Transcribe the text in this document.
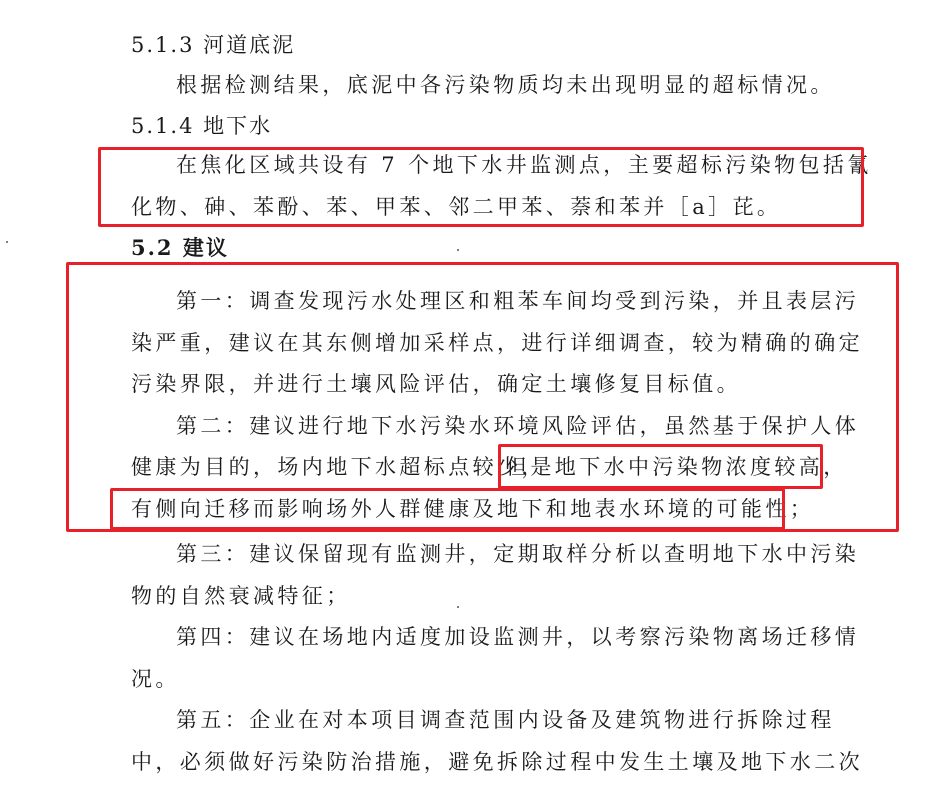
5.1.3 河道底泥
根据检测结果，底泥中各污染物质均未出现明显的超标情况。
5.1.4 地下水
在焦化区域共设有 7 个地下水井监测点，主要超标污染物包括氰
化物、砷、苯酚、苯、甲苯、邻二甲苯、萘和苯并［a］芘。
5.2 建议
第一：调查发现污水处理区和粗苯车间均受到污染，并且表层污
染严重，建议在其东侧增加采样点，进行详细调查，较为精确的确定
污染界限，并进行土壤风险评估，确定土壤修复目标值。
第二：建议进行地下水污染水环境风险评估，虽然基于保护人体
健康为目的，场内地下水超标点较少，
但是地下水中污染物浓度较高，
有侧向迁移而影响场外人群健康及地下和地表水环境的可能性；
第三：建议保留现有监测井，定期取样分析以查明地下水中污染
物的自然衰减特征；
第四：建议在场地内适度加设监测井，以考察污染物离场迁移情
况。
第五：企业在对本项目调查范围内设备及建筑物进行拆除过程
中，必须做好污染防治措施，避免拆除过程中发生土壤及地下水二次
